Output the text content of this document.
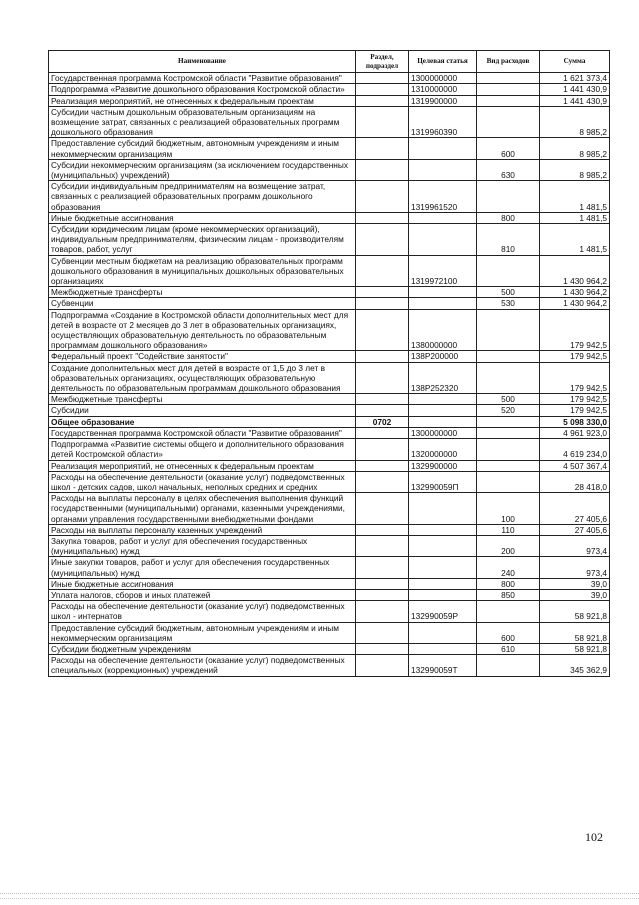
Наименование	Раздел, подраздел	Целевая статья	Вид расходов	Сумма
Государственная программа Костромской области "Развитие образования"		1300000000		1 621 373,4
Подпрограмма «Развитие дошкольного образования Костромской области»		1310000000		1 441 430,9
Реализация мероприятий, не отнесенных к федеральным проектам		1319900000		1 441 430,9
Субсидии частным дошкольным образовательным организациям на возмещение затрат, связанных с реализацией образовательных программ дошкольного образования		1319960390		8 985,2
Предоставление субсидий бюджетным, автономным учреждениям и иным некоммерческим организациям			600	8 985,2
Субсидии некоммерческим организациям (за исключением государственных (муниципальных) учреждений)			630	8 985,2
Субсидии индивидуальным предпринимателям на возмещение затрат, связанных с реализацией образовательных программ дошкольного образования		1319961520		1 481,5
Иные бюджетные ассигнования			800	1 481,5
Субсидии юридическим лицам (кроме некоммерческих организаций), индивидуальным предпринимателям, физическим лицам - производителям товаров, работ, услуг			810	1 481,5
Субвенции местным бюджетам на реализацию образовательных программ дошкольного образования в муниципальных дошкольных образовательных организациях		1319972100		1 430 964,2
Межбюджетные трансферты			500	1 430 964,2
Субвенции			530	1 430 964,2
Подпрограмма «Создание в Костромской области дополнительных мест для детей в возрасте от 2 месяцев до 3 лет в образовательных организациях, осуществляющих образовательную деятельность по образовательным программам дошкольного образования»		1380000000		179 942,5
Федеральный проект "Содействие занятости"		138P200000		179 942,5
Создание дополнительных мест для детей в возрасте от 1,5 до 3 лет в образовательных организациях, осуществляющих образовательную деятельность по образовательным программам дошкольного образования		138P252320		179 942,5
Межбюджетные трансферты			500	179 942,5
Субсидии			520	179 942,5
Общее образование	0702			5 098 330,0
Государственная программа Костромской области "Развитие образования"		1300000000		4 961 923,0
Подпрограмма «Развитие системы общего и дополнительного образования детей Костромской области»		1320000000		4 619 234,0
Реализация мероприятий, не отнесенных к федеральным проектам		1329900000		4 507 367,4
Расходы на обеспечение деятельности (оказание услуг) подведомственных школ - детских садов, школ начальных, неполных средних и средних		132990059П		28 418,0
Расходы на выплаты персоналу в целях обеспечения выполнения функций государственными (муниципальными) органами, казенными учреждениями, органами управления государственными внебюджетными фондами			100	27 405,6
Расходы на выплаты персоналу казенных учреждений			110	27 405,6
Закупка товаров, работ и услуг для обеспечения государственных (муниципальных) нужд			200	973,4
Иные закупки товаров, работ и услуг для обеспечения государственных (муниципальных) нужд			240	973,4
Иные бюджетные ассигнования			800	39,0
Уплата налогов, сборов и иных платежей			850	39,0
Расходы на обеспечение деятельности (оказание услуг) подведомственных школ - интернатов		132990059Р		58 921,8
Предоставление субсидий бюджетным, автономным учреждениям и иным некоммерческим организациям			600	58 921,8
Субсидии бюджетным учреждениям			610	58 921,8
Расходы на обеспечение деятельности (оказание услуг) подведомственных специальных (коррекционных) учреждений		132990059Т		345 362,9
102
